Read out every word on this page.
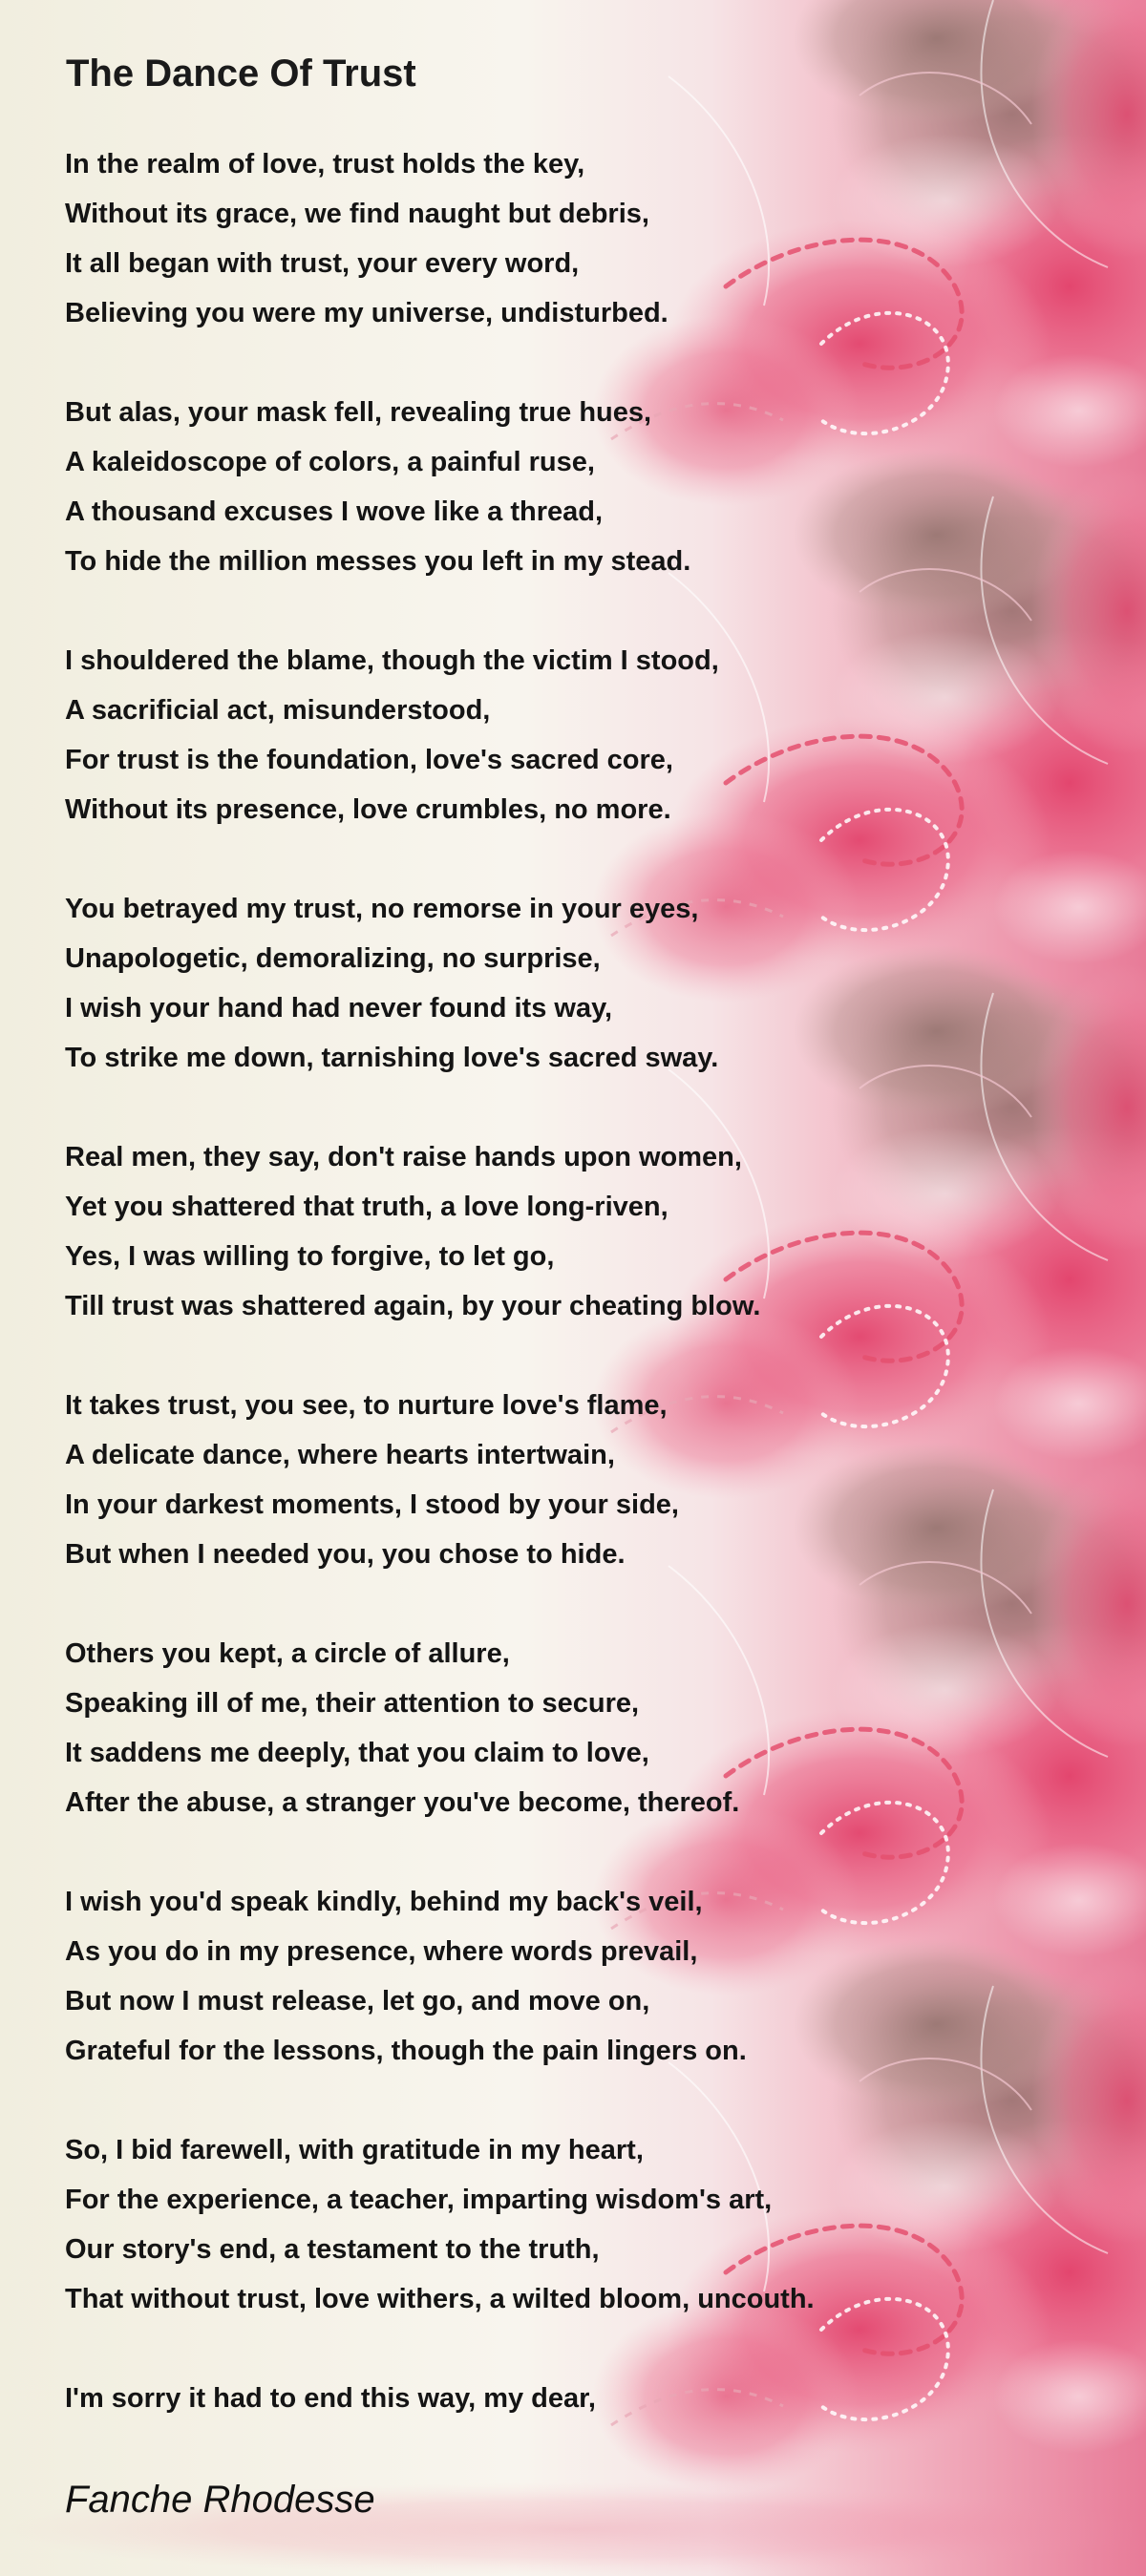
The Dance Of Trust
In the realm of love, trust holds the key,
Without its grace, we find naught but debris,
It all began with trust, your every word,
Believing you were my universe, undisturbed.
But alas, your mask fell, revealing true hues,
A kaleidoscope of colors, a painful ruse,
A thousand excuses I wove like a thread,
To hide the million messes you left in my stead.
I shouldered the blame, though the victim I stood,
A sacrificial act, misunderstood,
For trust is the foundation, love's sacred core,
Without its presence, love crumbles, no more.
You betrayed my trust, no remorse in your eyes,
Unapologetic, demoralizing, no surprise,
I wish your hand had never found its way,
To strike me down, tarnishing love's sacred sway.
Real men, they say, don't raise hands upon women,
Yet you shattered that truth, a love long-riven,
Yes, I was willing to forgive, to let go,
Till trust was shattered again, by your cheating blow.
It takes trust, you see, to nurture love's flame,
A delicate dance, where hearts intertwain,
In your darkest moments, I stood by your side,
But when I needed you, you chose to hide.
Others you kept, a circle of allure,
Speaking ill of me, their attention to secure,
It saddens me deeply, that you claim to love,
After the abuse, a stranger you've become, thereof.
I wish you'd speak kindly, behind my back's veil,
As you do in my presence, where words prevail,
But now I must release, let go, and move on,
Grateful for the lessons, though the pain lingers on.
So, I bid farewell, with gratitude in my heart,
For the experience, a teacher, imparting wisdom's art,
Our story's end, a testament to the truth,
That without trust, love withers, a wilted bloom, uncouth.
I'm sorry it had to end this way, my dear,
Fanche Rhodesse
